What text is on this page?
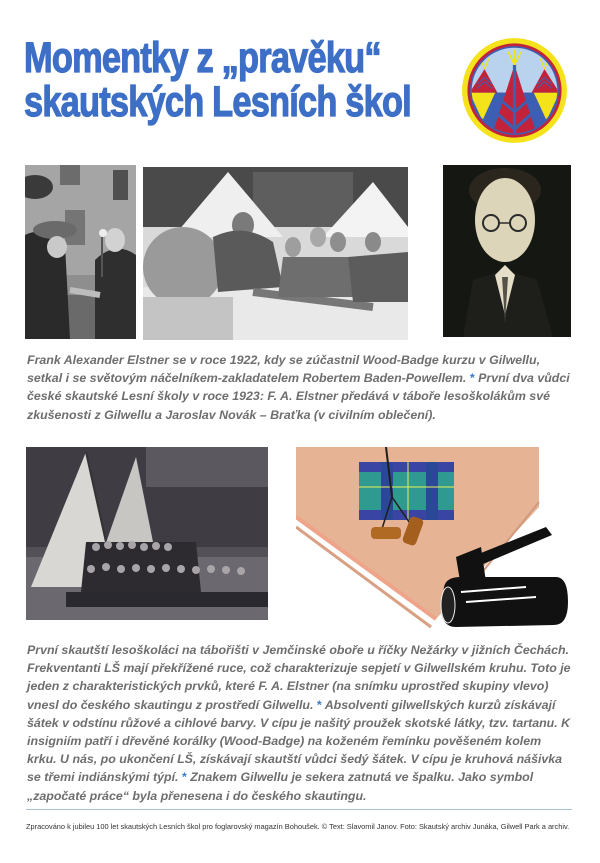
Momentky z „pravěku“
skautských Lesních škol
Frank Alexander Elstner se v roce 1922, kdy se zúčastnil Wood-Badge kurzu v Gilwellu, setkal i se světovým náčelníkem-zakladatelem Robertem Baden-Powellem. * První dva vůdci české skautské Lesní školy v roce 1923: F. A. Elstner předává v táboře lesoškolákům své zkušenosti z Gilwellu a Jaroslav Novák – Braťka (v civilním oblečení).
První skautští lesoškoláci na tábořišti v Jemčinské oboře u říčky Nežárky v jižních Čechách. Frekventanti LŠ mají překřížené ruce, což charakterizuje sepjetí v Gilwellském kruhu. Toto je jeden z charakteristických prvků, které F. A. Elstner (na snímku uprostřed skupiny vlevo) vnesl do českého skautingu z prostředí Gilwellu. * Absolventi gilwellských kurzů získávají šátek v odstínu růžové a cihlové barvy. V cípu je našitý proužek skotské látky, tzv. tartanu. K insigniím patří i dřevěné korálky (Wood-Badge) na koženém řemínku pověšeném kolem krku. U nás, po ukončení LŠ, získávají skautští vůdci šedý šátek. V cípu je kruhová nášivka se třemi indiánskými týpí. * Znakem Gilwellu je sekera zatnutá ve špalku. Jako symbol „započaté práce“ byla přenesena i do českého skautingu.
Zpracováno k jubileu 100 let skautských Lesních škol pro foglarovský magazín Bohoušek. © Text: Slavomil Janov. Foto: Skautský archiv Junáka, Gilwell Park a archiv.
